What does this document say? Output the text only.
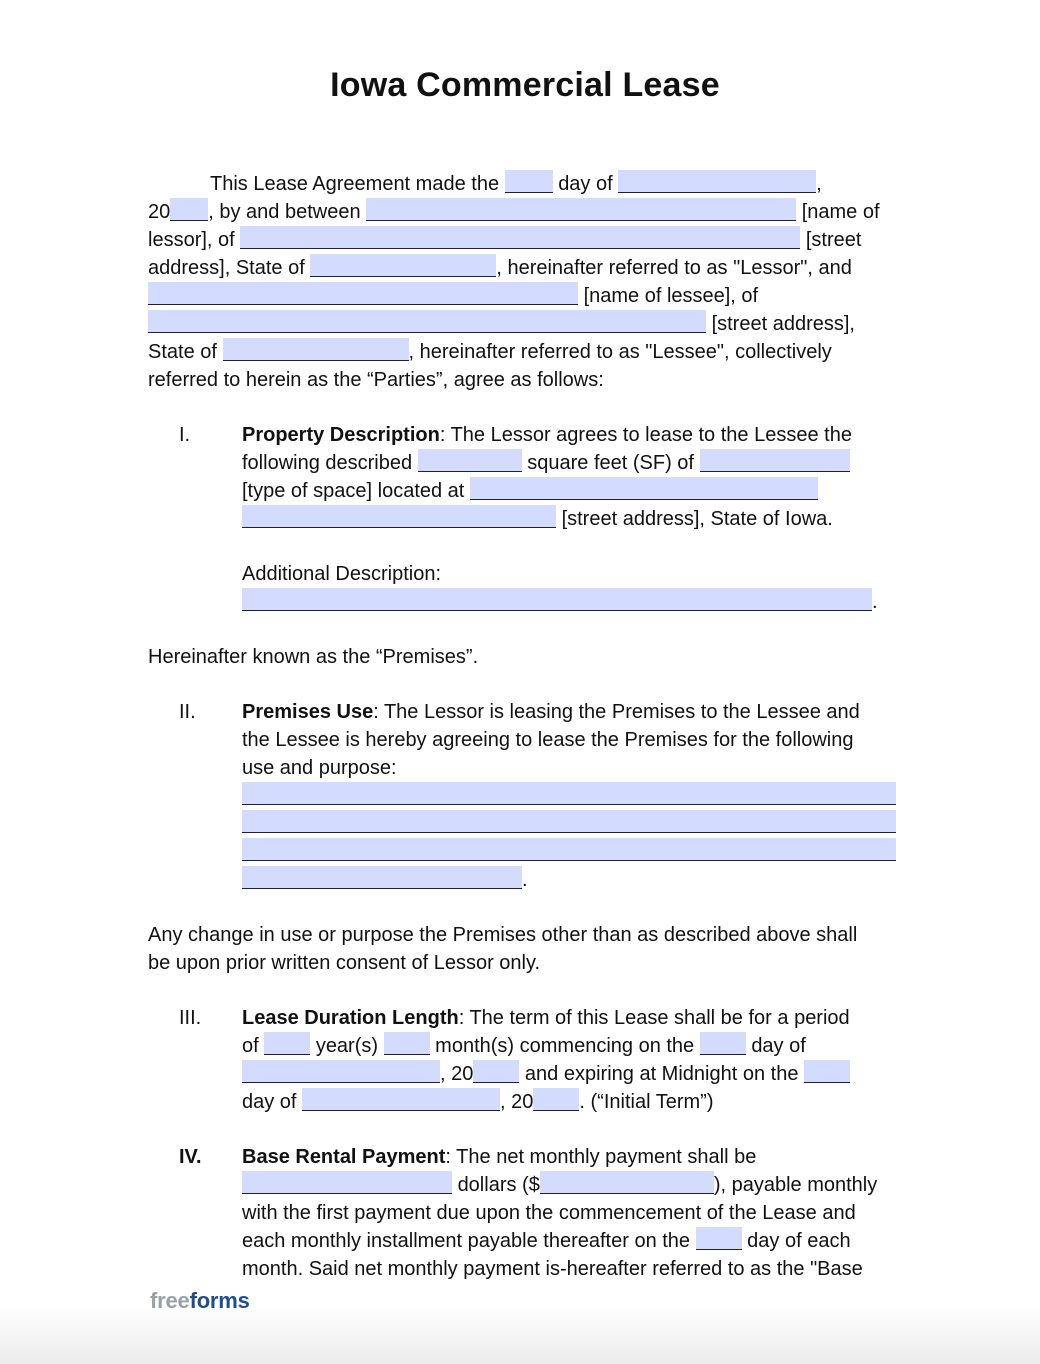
Iowa Commercial Lease
This Lease Agreement made the	day of	,
20 , by and between	[name of
lessor], of	[street
address], State of	, hereinafter referred to as "Lessor", and
[name of lessee], of
[street address],
State of	, hereinafter referred to as "Lessee", collectively
referred to herein as the “Parties”, agree as follows:
I.	Property Description: The Lessor agrees to lease to the Lessee the
following described	square feet (SF) of
[type of space] located at
[street address], State of Iowa.
Additional Description:
.
Hereinafter known as the “Premises”.
II. Premises Use: The Lessor is leasing the Premises to the Lessee and
the Lessee is hereby agreeing to lease the Premises for the following
use and purpose:
.
Any change in use or purpose the Premises other than as described above shall
be upon prior written consent of Lessor only.
III. Lease Duration Length: The term of this Lease shall be for a period
of	year(s)	month(s) commencing on the	day of
, 20	and expiring at Midnight on the
day of	, 20 . (“Initial Term”)
IV. Base Rental Payment: The net monthly payment shall be
dollars ($	), payable monthly
with the first payment due upon the commencement of the Lease and
each monthly installment payable thereafter on the	day of each
month. Said net monthly payment is-hereafter referred to as the "Base
freeforms
